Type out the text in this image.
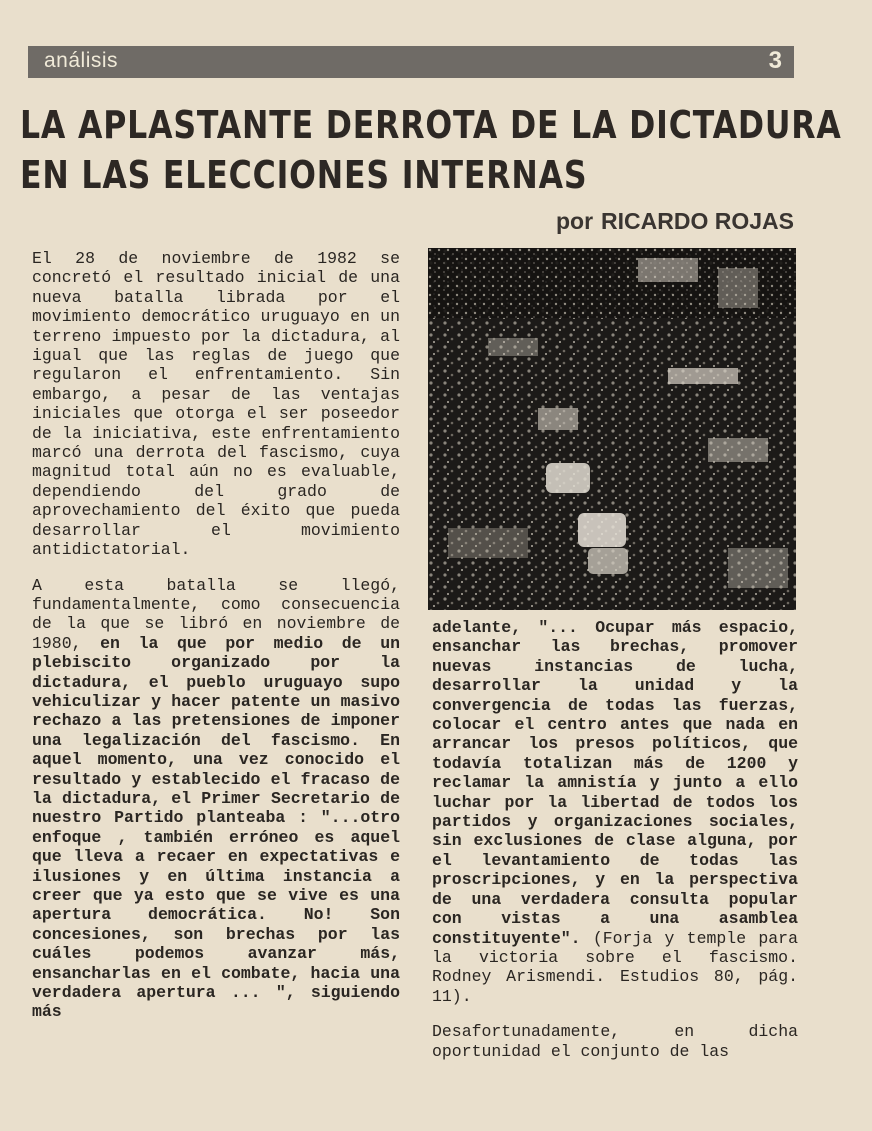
análisis	3
LA APLASTANTE DERROTA DE LA DICTADURA
EN LAS ELECCIONES INTERNAS
por RICARDO ROJAS

El 28 de noviembre de 1982 se concretó el resultado inicial de una nueva batalla librada por el movimiento democrático uruguayo en un terreno impuesto por la dictadura, al igual que las reglas de juego que regularon el enfrentamiento. Sin embargo, a pesar de las ventajas iniciales que otorga el ser poseedor de la iniciativa, este enfrentamiento marcó una derrota del fascismo, cuya magnitud total aún no es evaluable, dependiendo del grado de aprovechamiento del éxito que pueda desarrollar el movimiento antidictatorial.

A esta batalla se llegó, fundamentalmente, como consecuencia de la que se libró en noviembre de 1980, en la que por medio de un plebiscito organizado por la dictadura, el pueblo uruguayo supo vehiculizar y hacer patente un masivo rechazo a las pretensiones de imponer una legalización del fascismo. En aquel momento, una vez conocido el resultado y establecido el fracaso de la dictadura, el Primer Secretario de nuestro Partido planteaba : "...otro enfoque , también erróneo es aquel que lleva a recaer en expectativas e ilusiones y en última instancia a creer que ya esto que se vive es una apertura democrática. No! Son concesiones, son brechas por las cuáles podemos avanzar más, ensancharlas en el combate, hacia una verdadera apertura ... ", siguiendo más

adelante, "... Ocupar más espacio, ensanchar las brechas, promover nuevas instancias de lucha, desarrollar la unidad y la convergencia de todas las fuerzas, colocar el centro antes que nada en arrancar los presos políticos, que todavía totalizan más de 1200 y reclamar la amnistía y junto a ello luchar por la libertad de todos los partidos y organizaciones sociales, sin exclusiones de clase alguna, por el levantamiento de todas las proscripciones, y en la perspectiva de una verdadera consulta popular con vistas a una asamblea constituyente". (Forja y temple para la victoria sobre el fascismo. Rodney Arismendi. Estudios 80, pág. 11).

Desafortunadamente, en dicha oportunidad el conjunto de las
